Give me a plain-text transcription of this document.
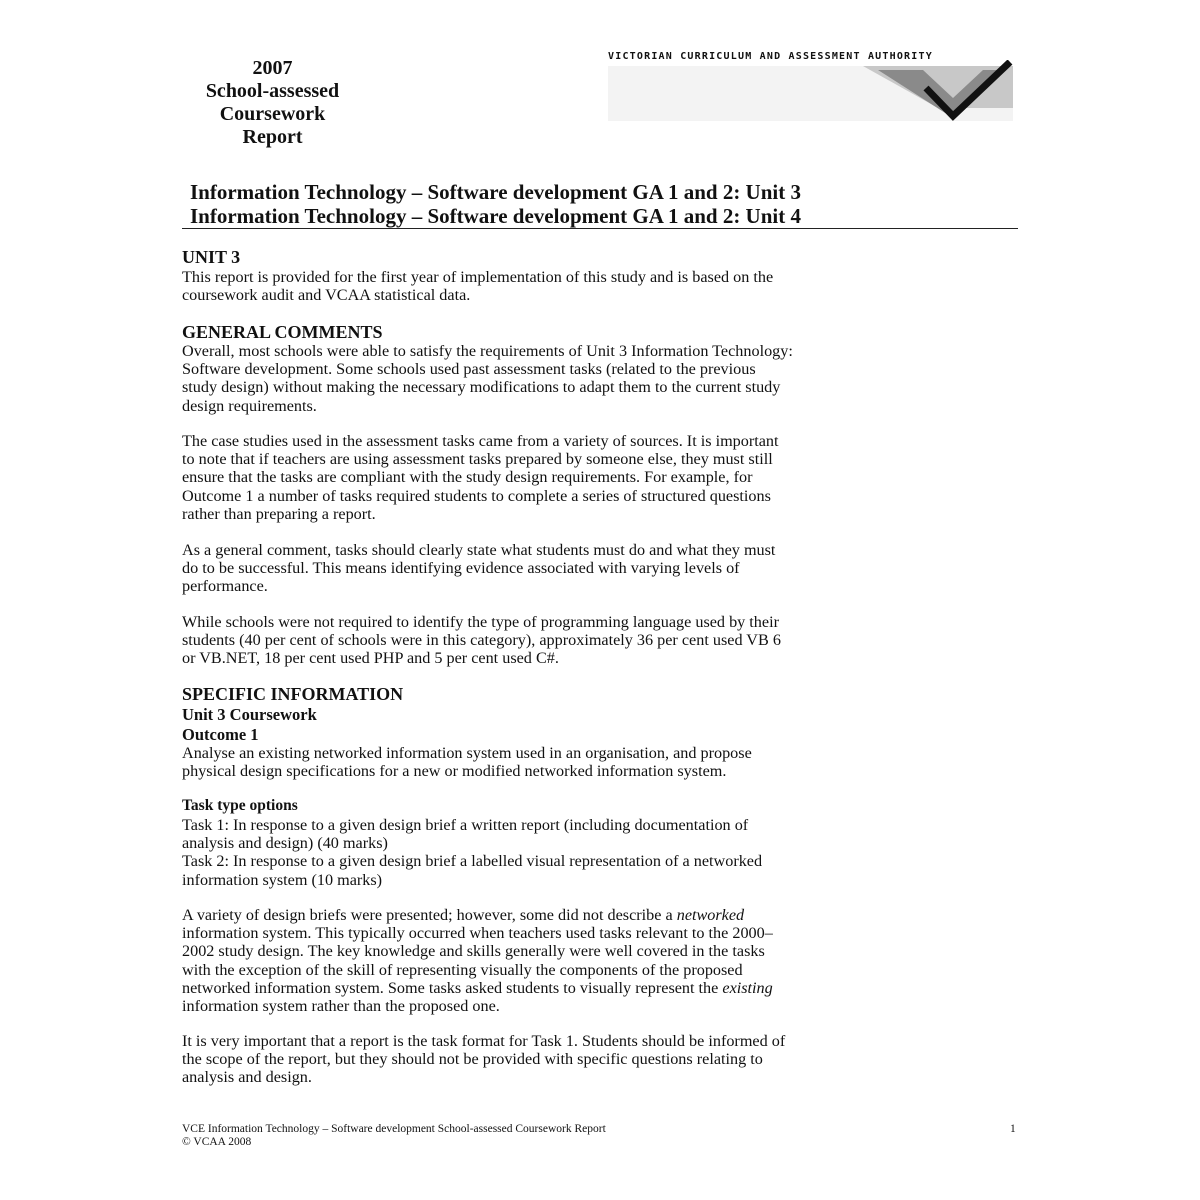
2007
School-assessed
Coursework
Report
VICTORIAN CURRICULUM AND ASSESSMENT AUTHORITY
Information Technology – Software development GA 1 and 2: Unit 3
Information Technology – Software development GA 1 and 2: Unit 4
UNIT 3
This report is provided for the first year of implementation of this study and is based on the
coursework audit and VCAA statistical data.
GENERAL COMMENTS
Overall, most schools were able to satisfy the requirements of Unit 3 Information Technology:
Software development. Some schools used past assessment tasks (related to the previous
study design) without making the necessary modifications to adapt them to the current study
design requirements.
The case studies used in the assessment tasks came from a variety of sources. It is important
to note that if teachers are using assessment tasks prepared by someone else, they must still
ensure that the tasks are compliant with the study design requirements. For example, for
Outcome 1 a number of tasks required students to complete a series of structured questions
rather than preparing a report.
As a general comment, tasks should clearly state what students must do and what they must
do to be successful. This means identifying evidence associated with varying levels of
performance.
While schools were not required to identify the type of programming language used by their
students (40 per cent of schools were in this category), approximately 36 per cent used VB 6
or VB.NET, 18 per cent used PHP and 5 per cent used C#.
SPECIFIC INFORMATION
Unit 3 Coursework
Outcome 1
Analyse an existing networked information system used in an organisation, and propose
physical design specifications for a new or modified networked information system.
Task type options
Task 1: In response to a given design brief a written report (including documentation of
analysis and design) (40 marks)
Task 2: In response to a given design brief a labelled visual representation of a networked
information system (10 marks)
A variety of design briefs were presented; however, some did not describe a networked
information system. This typically occurred when teachers used tasks relevant to the 2000–
2002 study design. The key knowledge and skills generally were well covered in the tasks
with the exception of the skill of representing visually the components of the proposed
networked information system. Some tasks asked students to visually represent the existing
information system rather than the proposed one.
It is very important that a report is the task format for Task 1. Students should be informed of
the scope of the report, but they should not be provided with specific questions relating to
analysis and design.
VCE Information Technology – Software development School-assessed Coursework Report
© VCAA 2008
1
